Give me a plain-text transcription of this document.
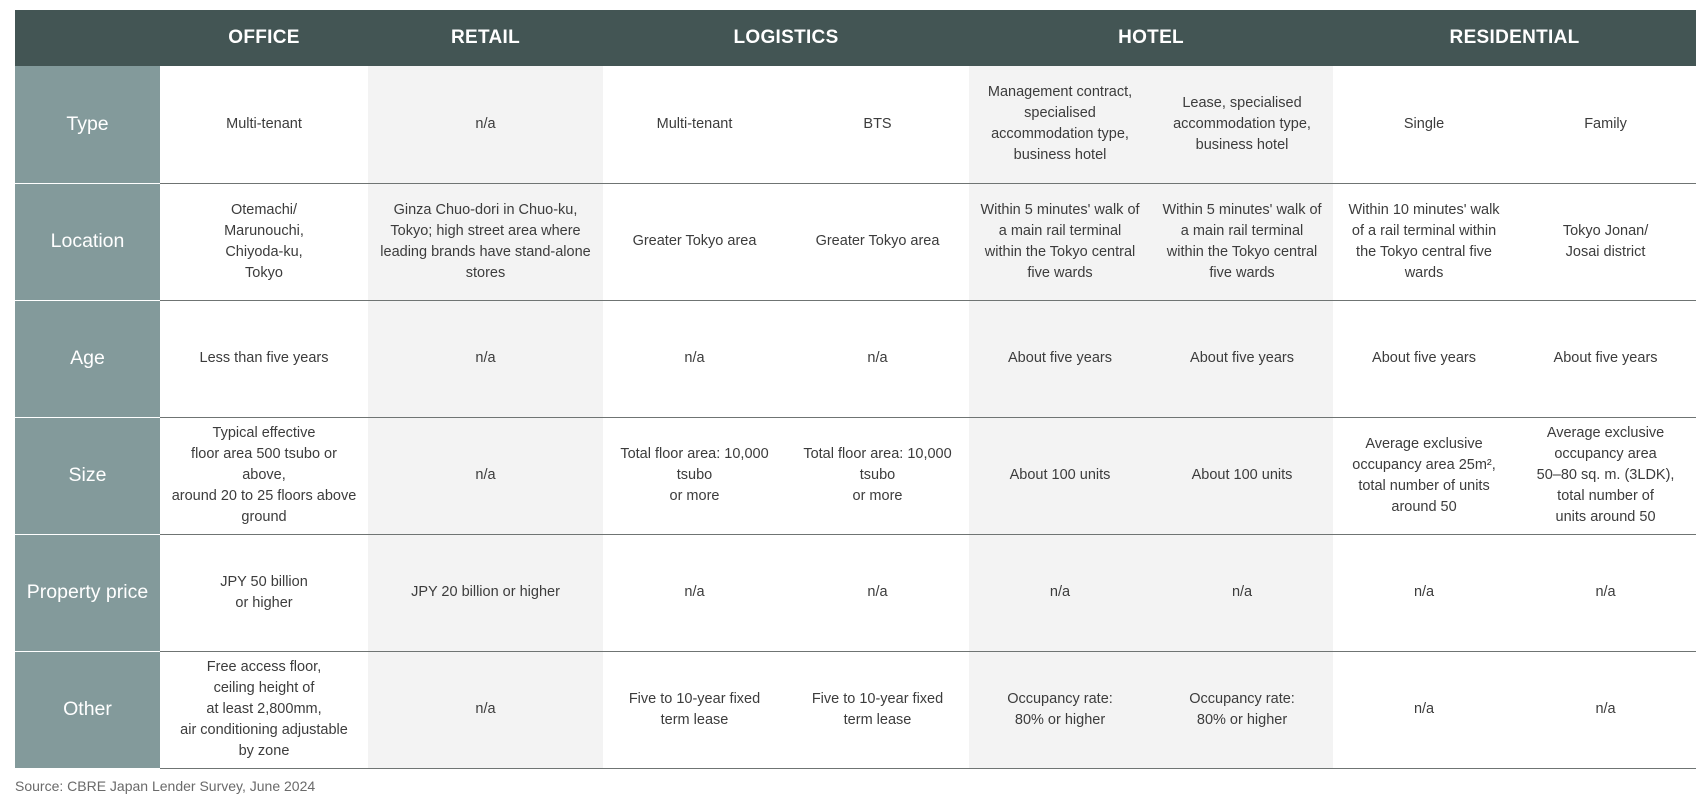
	OFFICE	RETAIL	LOGISTICS		HOTEL		RESIDENTIAL	
Type	Multi-tenant	n/a	Multi-tenant	BTS	Management contract,
specialised
accommodation type,
business hotel	Lease, specialised
accommodation type,
business hotel	Single	Family

Location	Otemachi/
Marunouchi,
Chiyoda-ku,
Tokyo	Ginza Chuo-dori in Chuo-ku,
Tokyo; high street area where
leading brands have stand-alone
stores	Greater Tokyo area	Greater Tokyo area	Within 5 minutes' walk of
a main rail terminal
within the Tokyo central
five wards	Within 5 minutes' walk of
a main rail terminal
within the Tokyo central
five wards	Within 10 minutes' walk
of a rail terminal within
the Tokyo central five
wards	Tokyo Jonan/
Josai district

Age	Less than five years	n/a	n/a	n/a	About five years	About five years	About five years	About five years

Size	Typical effective
floor area 500 tsubo or
above,
around 20 to 25 floors above
ground	n/a	Total floor area: 10,000
tsubo
or more	Total floor area: 10,000
tsubo
or more	About 100 units	About 100 units	Average exclusive
occupancy area 25m²,
total number of units
around 50	Average exclusive
occupancy area
50–80 sq. m. (3LDK),
total number of
units around 50

Property price	JPY 50 billion
or higher	JPY 20 billion or higher	n/a	n/a	n/a	n/a	n/a	n/a

Other	Free access floor,
ceiling height of
at least 2,800mm,
air conditioning adjustable
by zone	n/a	Five to 10-year fixed
term lease	Five to 10-year fixed
term lease	Occupancy rate:
80% or higher	Occupancy rate:
80% or higher	n/a	n/a
Source: CBRE Japan Lender Survey, June 2024
